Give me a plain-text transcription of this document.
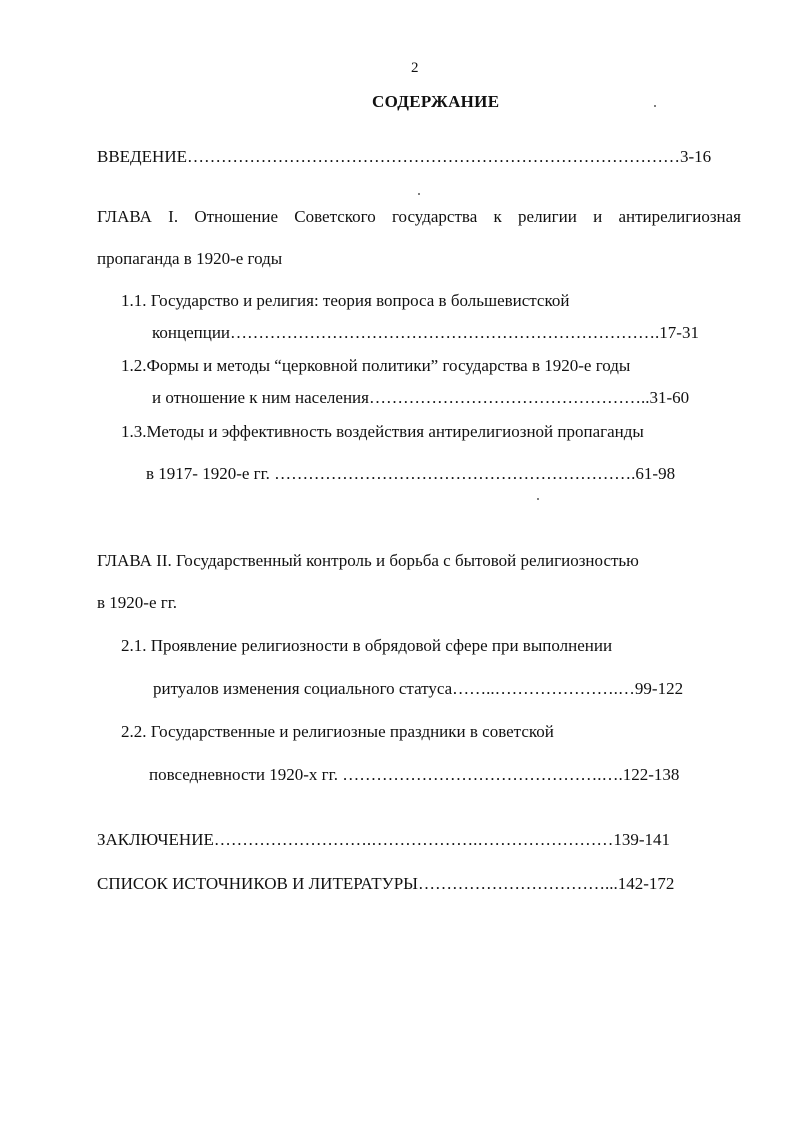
2
СОДЕРЖАНИЕ
ВВЕДЕНИЕ……………………………………………………………………………3-16
ГЛАВА I. Отношение Советского государства к религии и антирелигиозная
пропаганда в 1920-е годы
1.1. Государство и религия: теория вопроса в большевистской
концепции………………………………………………………………….17-31
1.2.Формы и методы “церковной политики” государства в 1920-е годы
и отношение к ним населения…………………………………………..31-60
1.3.Методы и эффективность воздействия антирелигиозной пропаганды
в 1917- 1920-е гг. ……………………………………………………….61-98
ГЛАВА II. Государственный контроль и борьба с бытовой религиозностью
в 1920-е гг.
2.1. Проявление религиозности в обрядовой сфере при выполнении
ритуалов изменения социального статуса……..………………….…99-122
2.2. Государственные и религиозные праздники в советской
повседневности 1920-х гг. ……………………………………….….122-138
ЗАКЛЮЧЕНИЕ……………………….……………….……………………139-141
СПИСОК ИСТОЧНИКОВ И ЛИТЕРАТУРЫ……………………………...142-172
